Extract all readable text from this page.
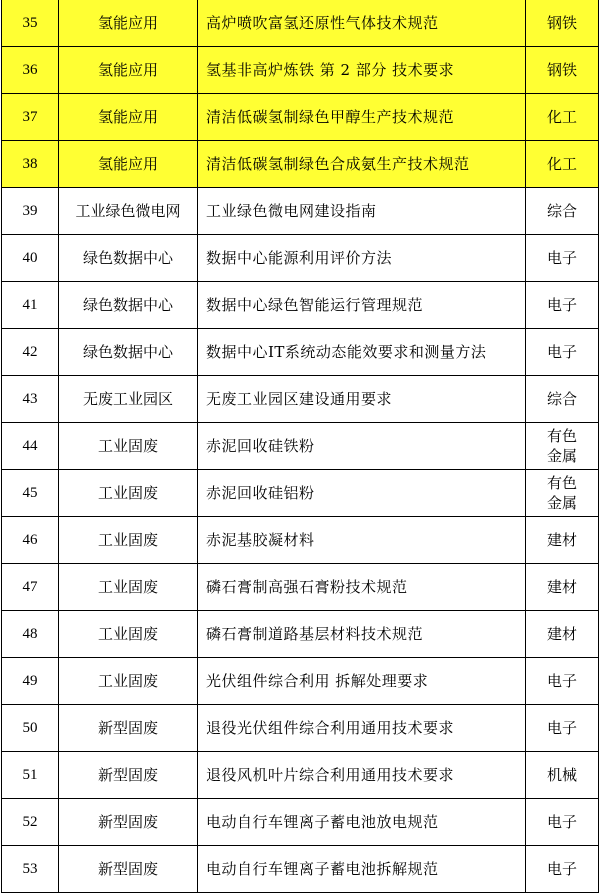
35	氢能应用	高炉喷吹富氢还原性气体技术规范	钢铁
36	氢能应用	氢基非高炉炼铁 第 2 部分 技术要求	钢铁
37	氢能应用	清洁低碳氢制绿色甲醇生产技术规范	化工
38	氢能应用	清洁低碳氢制绿色合成氨生产技术规范	化工
39	工业绿色微电网	工业绿色微电网建设指南	综合
40	绿色数据中心	数据中心能源利用评价方法	电子
41	绿色数据中心	数据中心绿色智能运行管理规范	电子
42	绿色数据中心	数据中心IT系统动态能效要求和测量方法	电子
43	无废工业园区	无废工业园区建设通用要求	综合
44	工业固废	赤泥回收硅铁粉	有色
金属
45	工业固废	赤泥回收硅铝粉	有色
金属
46	工业固废	赤泥基胶凝材料	建材
47	工业固废	磷石膏制高强石膏粉技术规范	建材
48	工业固废	磷石膏制道路基层材料技术规范	建材
49	工业固废	光伏组件综合利用 拆解处理要求	电子
50	新型固废	退役光伏组件综合利用通用技术要求	电子
51	新型固废	退役风机叶片综合利用通用技术要求	机械
52	新型固废	电动自行车锂离子蓄电池放电规范	电子
53	新型固废	电动自行车锂离子蓄电池拆解规范	电子
